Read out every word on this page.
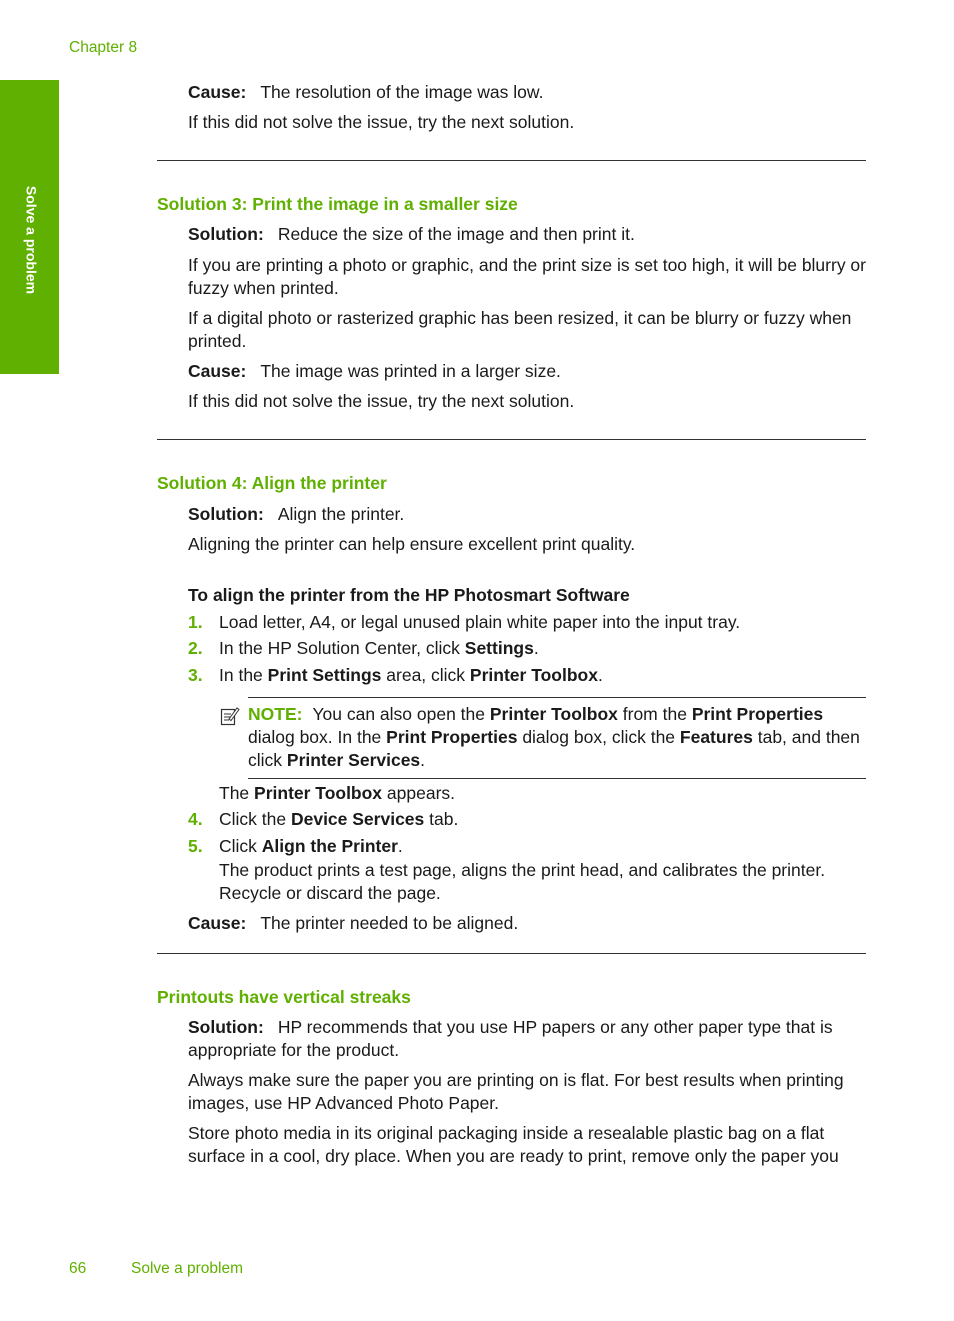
Chapter 8
Solve a problem
Cause: The resolution of the image was low.
If this did not solve the issue, try the next solution.
Solution 3: Print the image in a smaller size
Solution: Reduce the size of the image and then print it.
If you are printing a photo or graphic, and the print size is set too high, it will be blurry or fuzzy when printed.
If a digital photo or rasterized graphic has been resized, it can be blurry or fuzzy when printed.
Cause: The image was printed in a larger size.
If this did not solve the issue, try the next solution.
Solution 4: Align the printer
Solution: Align the printer.
Aligning the printer can help ensure excellent print quality.
To align the printer from the HP Photosmart Software
1. Load letter, A4, or legal unused plain white paper into the input tray.
2. In the HP Solution Center, click Settings.
3. In the Print Settings area, click Printer Toolbox.
NOTE: You can also open the Printer Toolbox from the Print Properties dialog box. In the Print Properties dialog box, click the Features tab, and then click Printer Services.
The Printer Toolbox appears.
4. Click the Device Services tab.
5. Click Align the Printer.
The product prints a test page, aligns the print head, and calibrates the printer. Recycle or discard the page.
Cause: The printer needed to be aligned.
Printouts have vertical streaks
Solution: HP recommends that you use HP papers or any other paper type that is appropriate for the product.
Always make sure the paper you are printing on is flat. For best results when printing images, use HP Advanced Photo Paper.
Store photo media in its original packaging inside a resealable plastic bag on a flat surface in a cool, dry place. When you are ready to print, remove only the paper you
66	Solve a problem
